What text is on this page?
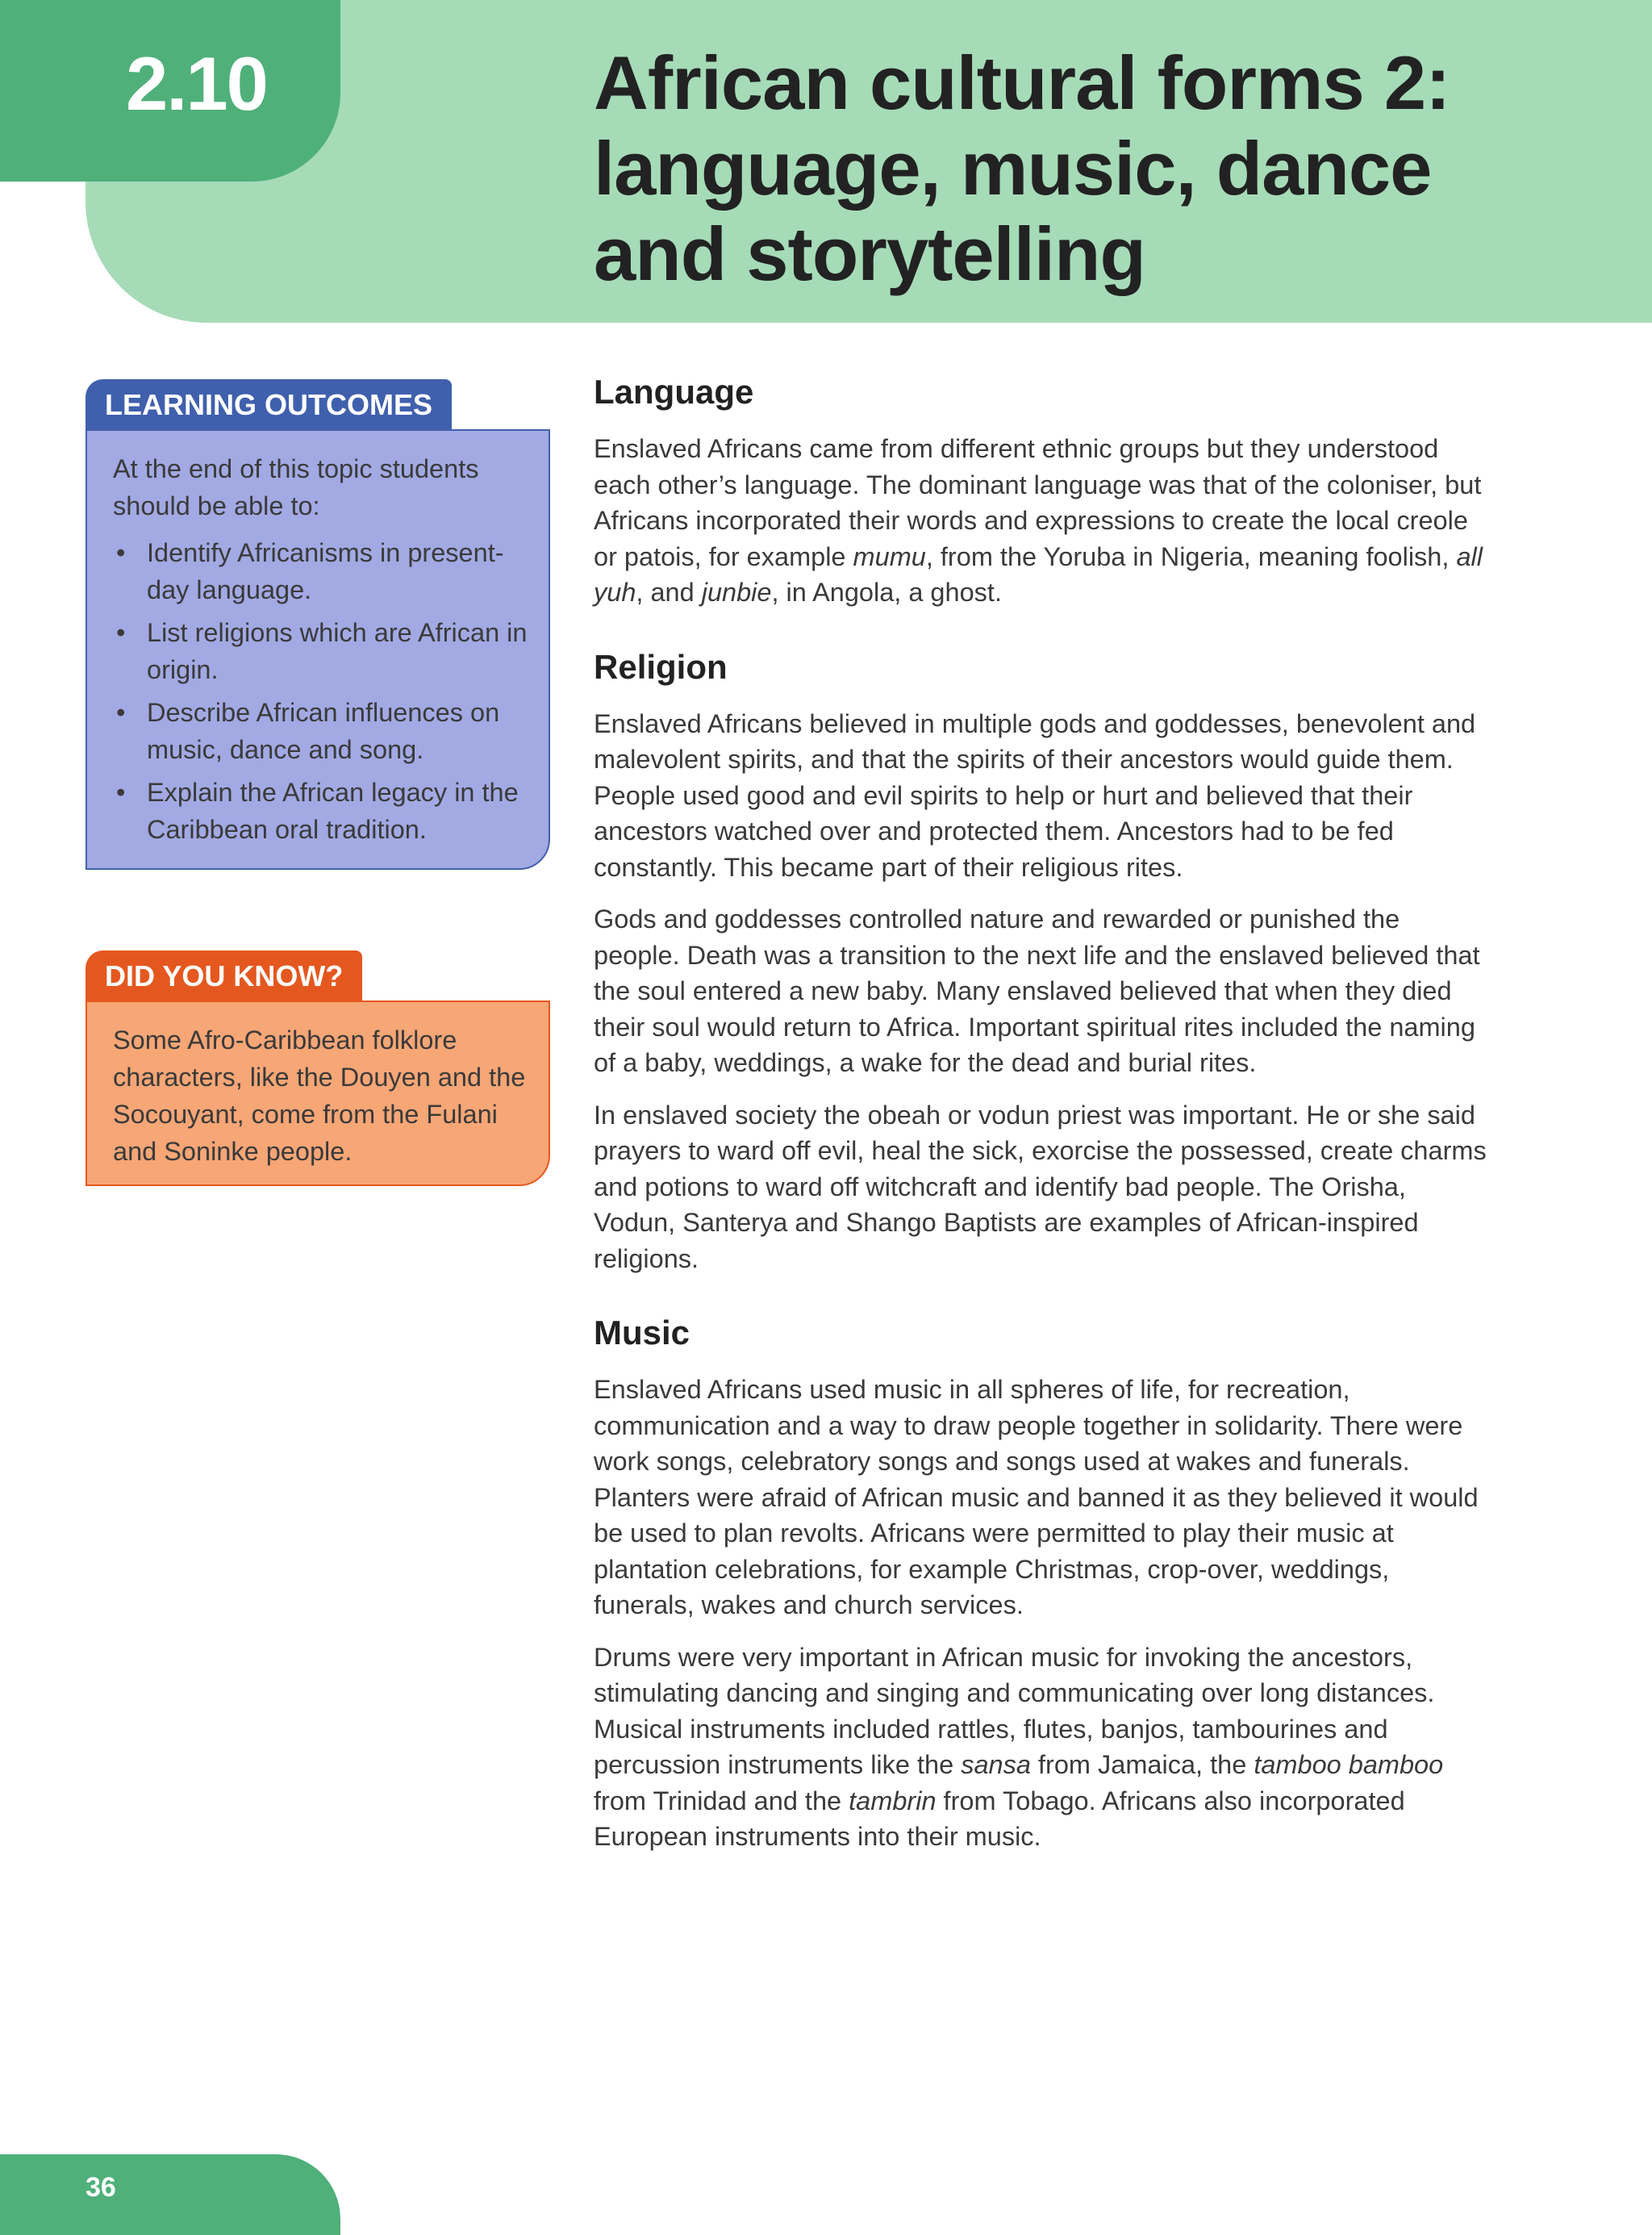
2.10	African cultural forms 2:
language, music, dance
and storytelling
LEARNING OUTCOMES
At the end of this topic students should be able to:
• Identify Africanisms in present-day language.
• List religions which are African in origin.
• Describe African influences on music, dance and song.
• Explain the African legacy in the Caribbean oral tradition.
DID YOU KNOW?
Some Afro-Caribbean folklore characters, like the Douyen and the Socouyant, come from the Fulani and Soninke people.
Language

Enslaved Africans came from different ethnic groups but they understood each other’s language. The dominant language was that of the coloniser, but Africans incorporated their words and expressions to create the local creole or patois, for example mumu, from the Yoruba in Nigeria, meaning foolish, all yuh, and junbie, in Angola, a ghost.

Religion

Enslaved Africans believed in multiple gods and goddesses, benevolent and malevolent spirits, and that the spirits of their ancestors would guide them. People used good and evil spirits to help or hurt and believed that their ancestors watched over and protected them. Ancestors had to be fed constantly. This became part of their religious rites.

Gods and goddesses controlled nature and rewarded or punished the people. Death was a transition to the next life and the enslaved believed that the soul entered a new baby. Many enslaved believed that when they died their soul would return to Africa. Important spiritual rites included the naming of a baby, weddings, a wake for the dead and burial rites.

In enslaved society the obeah or vodun priest was important. He or she said prayers to ward off evil, heal the sick, exorcise the possessed, create charms and potions to ward off witchcraft and identify bad people. The Orisha, Vodun, Santerya and Shango Baptists are examples of African-inspired religions.

Music

Enslaved Africans used music in all spheres of life, for recreation, communication and a way to draw people together in solidarity. There were work songs, celebratory songs and songs used at wakes and funerals. Planters were afraid of African music and banned it as they believed it would be used to plan revolts. Africans were permitted to play their music at plantation celebrations, for example Christmas, crop-over, weddings, funerals, wakes and church services.

Drums were very important in African music for invoking the ancestors, stimulating dancing and singing and communicating over long distances. Musical instruments included rattles, flutes, banjos, tambourines and percussion instruments like the sansa from Jamaica, the tamboo bamboo from Trinidad and the tambrin from Tobago. Africans also incorporated European instruments into their music.

36
